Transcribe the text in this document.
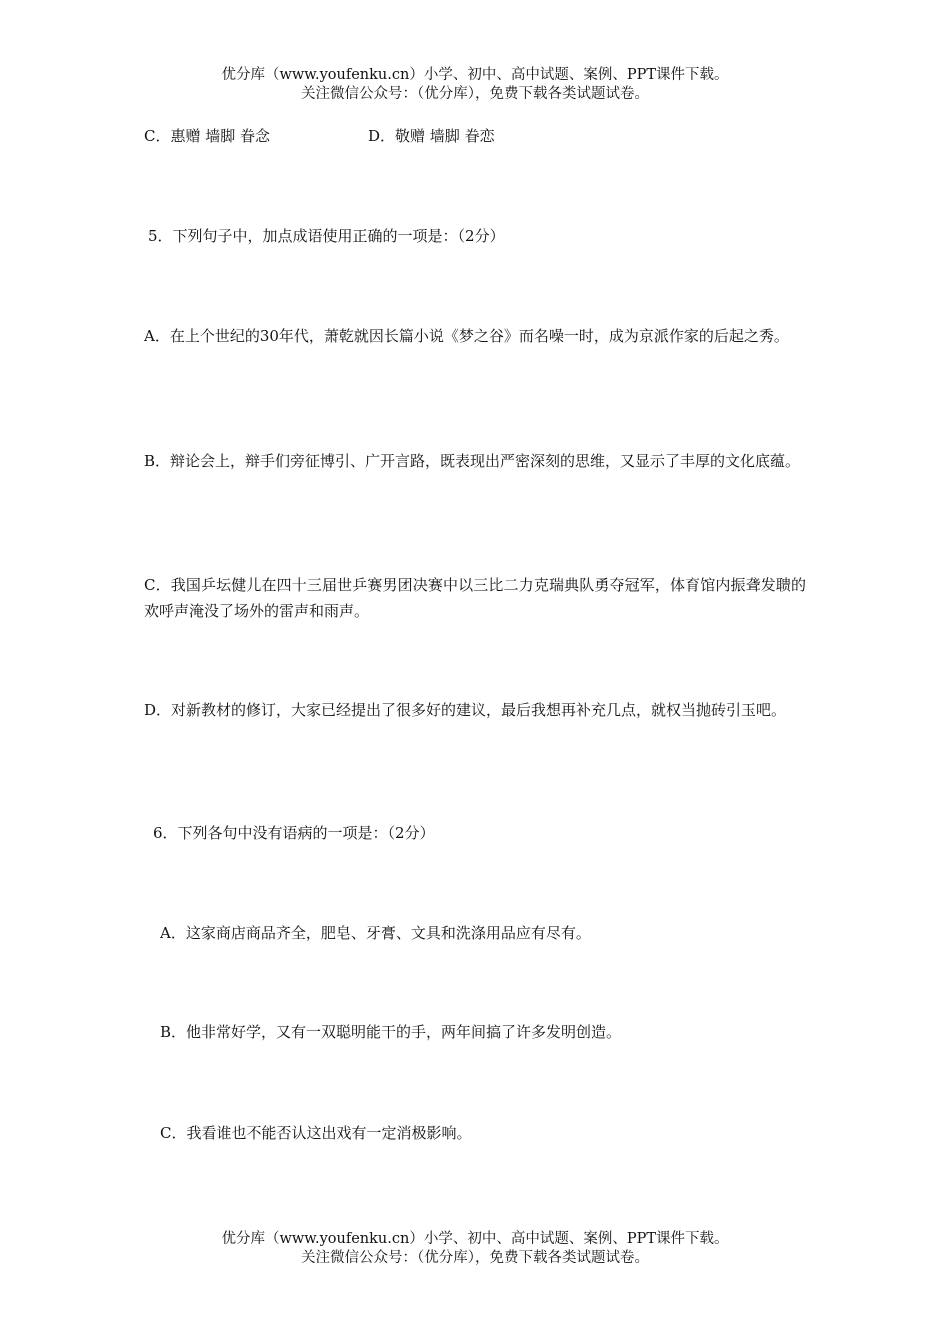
优分库（www.youfenku.cn）小学、初中、高中试题、案例、PPT课件下载。
关注微信公众号：（优分库），免费下载各类试题试卷。
C．惠赠 墙脚 眷念	D．敬赠 墙脚 眷恋
5．下列句子中，加点成语使用正确的一项是：（2分）
A．在上个世纪的30年代，萧乾就因长篇小说《梦之谷》而名噪一时，成为京派作家的后起之秀。
B．辩论会上，辩手们旁征博引、广开言路，既表现出严密深刻的思维，又显示了丰厚的文化底蕴。
C．我国乒坛健儿在四十三届世乒赛男团决赛中以三比二力克瑞典队勇夺冠军，体育馆内振聋发聩的欢呼声淹没了场外的雷声和雨声。
D．对新教材的修订，大家已经提出了很多好的建议，最后我想再补充几点，就权当抛砖引玉吧。
6．下列各句中没有语病的一项是：（2分）
A．这家商店商品齐全，肥皂、牙膏、文具和洗涤用品应有尽有。
B．他非常好学，又有一双聪明能干的手，两年间搞了许多发明创造。
C．我看谁也不能否认这出戏有一定消极影响。
优分库（www.youfenku.cn）小学、初中、高中试题、案例、PPT课件下载。
关注微信公众号：（优分库），免费下载各类试题试卷。
